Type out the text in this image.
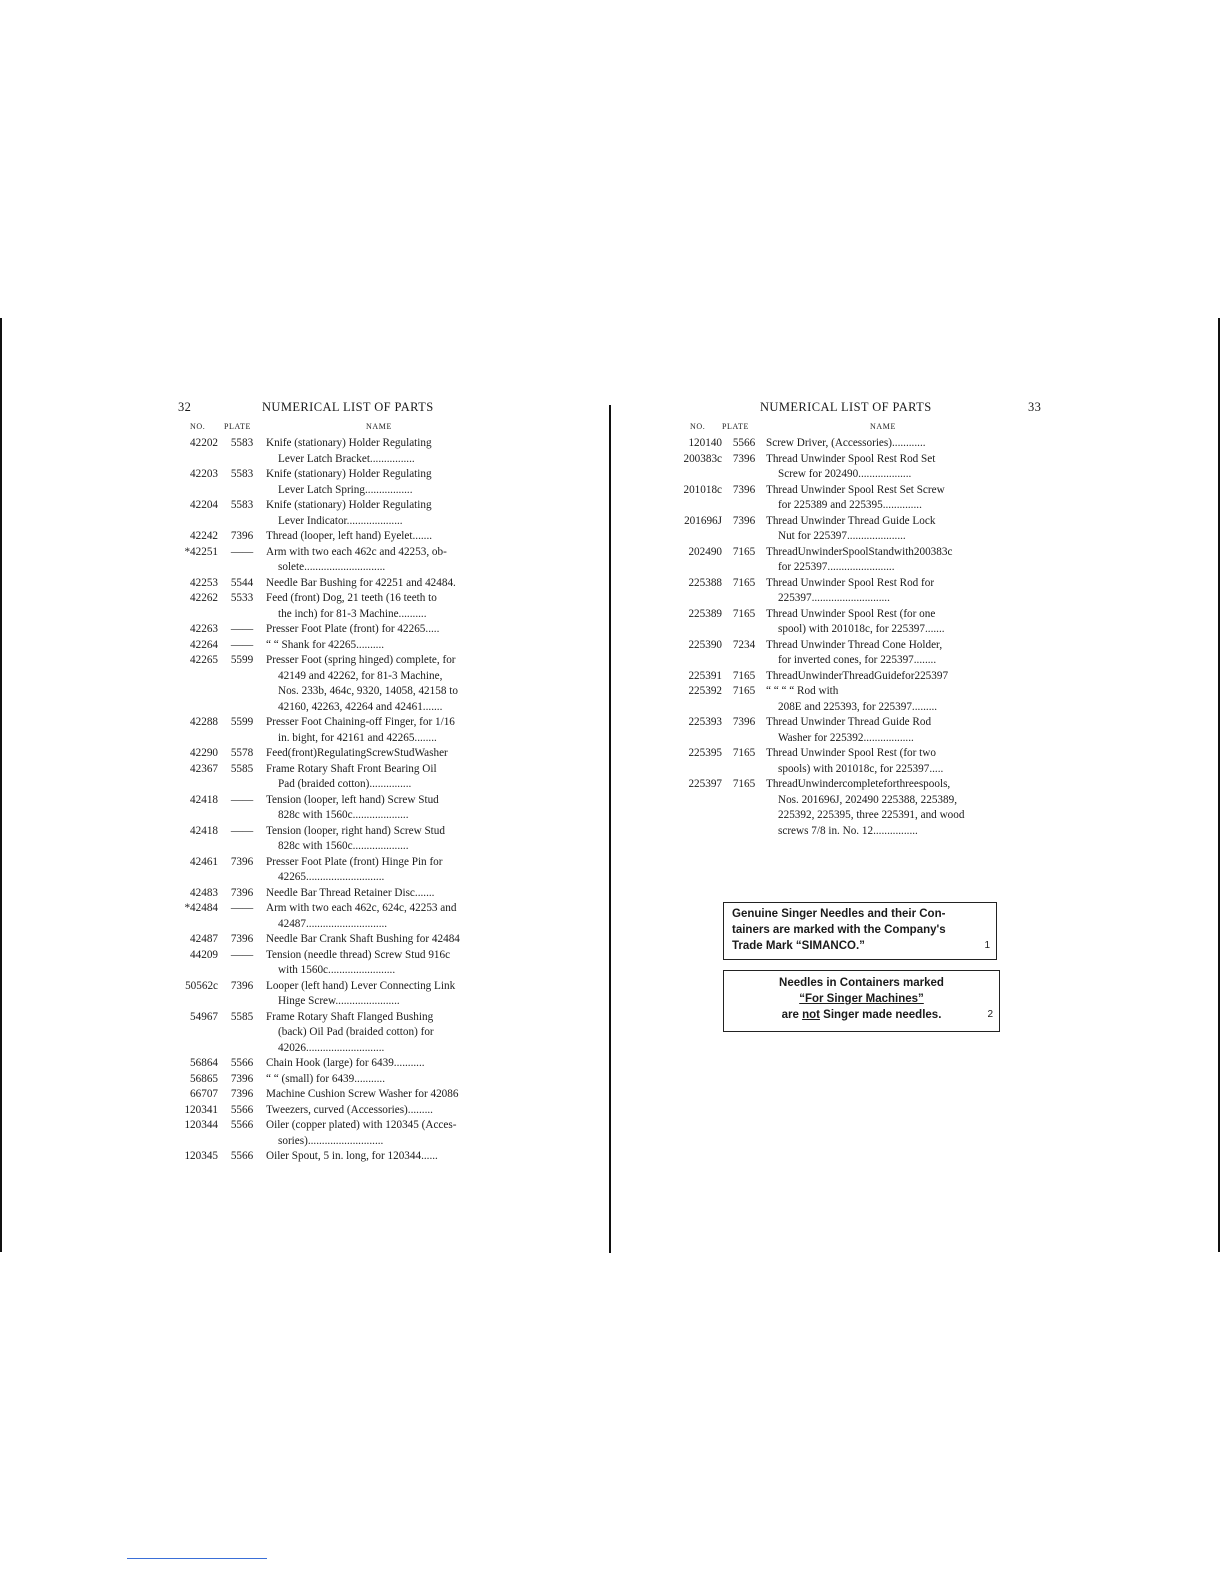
32	NUMERICAL LIST OF PARTS
NO. PLATE	NAME
42202	5583	Knife (stationary) Holder Regulating
Lever Latch Bracket................
42203	5583	Knife (stationary) Holder Regulating
Lever Latch Spring.................
42204	5583	Knife (stationary) Holder Regulating
Lever Indicator....................
42242	7396	Thread (looper, left hand) Eyelet.......
*42251	——	Arm with two each 462c and 42253, ob-
solete.............................
42253	5544	Needle Bar Bushing for 42251 and 42484.
42262	5533	Feed (front) Dog, 21 teeth (16 teeth to
the inch) for 81-3 Machine..........
42263	——	Presser Foot Plate (front) for 42265.....
42264	——	“ “ Shank for 42265..........
42265	5599	Presser Foot (spring hinged) complete, for
42149 and 42262, for 81-3 Machine,
Nos. 233b, 464c, 9320, 14058, 42158 to
42160, 42263, 42264 and 42461.......
42288	5599	Presser Foot Chaining-off Finger, for 1/16
in. bight, for 42161 and 42265........
42290	5578	Feed(front)RegulatingScrewStudWasher
42367	5585	Frame Rotary Shaft Front Bearing Oil
Pad (braided cotton)...............
42418	——	Tension (looper, left hand) Screw Stud
828c with 1560c....................
42418	——	Tension (looper, right hand) Screw Stud
828c with 1560c....................
42461	7396	Presser Foot Plate (front) Hinge Pin for
42265............................
42483	7396	Needle Bar Thread Retainer Disc.......
*42484	——	Arm with two each 462c, 624c, 42253 and
42487.............................
42487	7396	Needle Bar Crank Shaft Bushing for 42484
44209	——	Tension (needle thread) Screw Stud 916c
with 1560c........................
50562c	7396	Looper (left hand) Lever Connecting Link
Hinge Screw.......................
54967	5585	Frame Rotary Shaft Flanged Bushing
(back) Oil Pad (braided cotton) for
42026............................
56864	5566	Chain Hook (large) for 6439...........
56865	7396	“ “ (small) for 6439...........
66707	7396	Machine Cushion Screw Washer for 42086
120341	5566	Tweezers, curved (Accessories).........
120344	5566	Oiler (copper plated) with 120345 (Acces-
sories)...........................
120345	5566	Oiler Spout, 5 in. long, for 120344......
NUMERICAL LIST OF PARTS	33
NO. PLATE	NAME
120140 5566 Screw Driver, (Accessories)............
200383c 7396 Thread Unwinder Spool Rest Rod Set
Screw for 202490...................
201018c 7396 Thread Unwinder Spool Rest Set Screw
for 225389 and 225395..............
201696J 7396 Thread Unwinder Thread Guide Lock
Nut for 225397.....................
202490 7165 ThreadUnwinderSpoolStandwith200383c
for 225397........................
225388 7165 Thread Unwinder Spool Rest Rod for
225397............................
225389 7165 Thread Unwinder Spool Rest (for one
spool) with 201018c, for 225397.......
225390 7234 Thread Unwinder Thread Cone Holder,
for inverted cones, for 225397........
225391 7165 ThreadUnwinderThreadGuidefor225397
225392 7165 “ “ “ “ Rod with
208E and 225393, for 225397.........
225393 7396 Thread Unwinder Thread Guide Rod
Washer for 225392..................
225395 7165 Thread Unwinder Spool Rest (for two
spools) with 201018c, for 225397.....
225397 7165 ThreadUnwindercompleteforthreespools,
Nos. 201696J, 202490 225388, 225389,
225392, 225395, three 225391, and wood
screws 7/8 in. No. 12................
Genuine Singer Needles and their Con-
tainers are marked with the Company's
Trade Mark “SIMANCO.”	1
Needles in Containers marked
“For Singer Machines”
are not Singer made needles.	2
